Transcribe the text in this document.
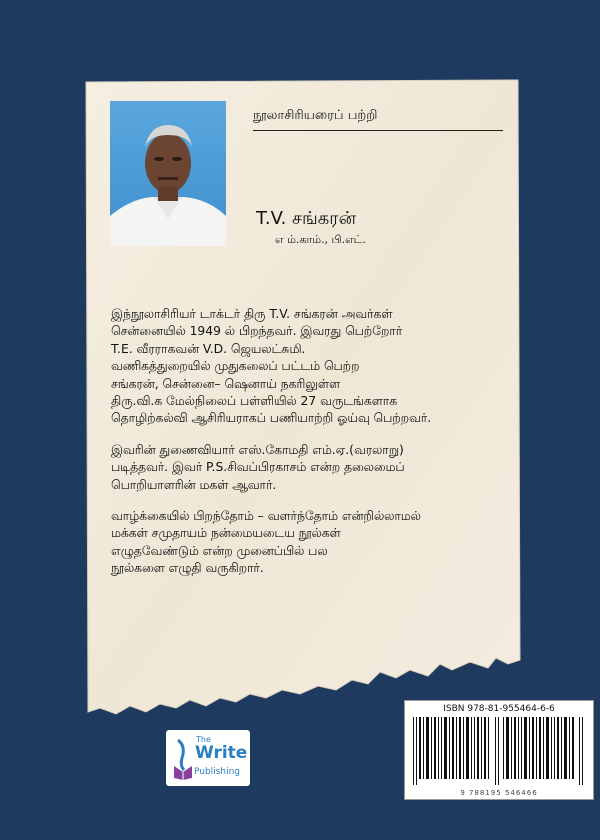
நூலாசிரியரைப் பற்றி
T.V. சங்கரன்
எ ம்.காம்., பி.எட்.

இந்நூலாசிரியர் டாக்டர் திரு T.V. சங்கரன் அவர்கள்
சென்னையில் 1949 ல் பிறந்தவர். இவரது பெற்றோர்
T.E. வீரராகவன் V.D. ஜெயலட்சுமி.
வணிகத்துறையில் முதுகலைப் பட்டம் பெற்ற
சங்கரன், சென்னை– ஷெனாய் நகரிலுள்ள
திரு.வி.க மேல்நிலைப் பள்ளியில் 27 வருடங்களாக
தொழிற்கல்வி ஆசிரியராகப் பணியாற்றி ஓய்வு பெற்றவர்.

இவரின் துணைவியார் எஸ்.கோமதி எம்.ஏ.(வரலாறு)
படித்தவர். இவர் P.S.சிவப்பிரகாசம் என்ற தலைமைப்
பொறியாளரின் மகள் ஆவார்.

வாழ்க்கையில் பிறந்தோம் – வளர்ந்தோம் என்றில்லாமல்
மக்கள் சமுதாயம் நன்மையடைய நூல்கள்
எழுதவேண்டும் என்ற முனைப்பில் பல
நூல்களை எழுதி வருகிறார்.

ISBN 978-81-955464-6-6
9 788195 546466
The
Write
Publishing
